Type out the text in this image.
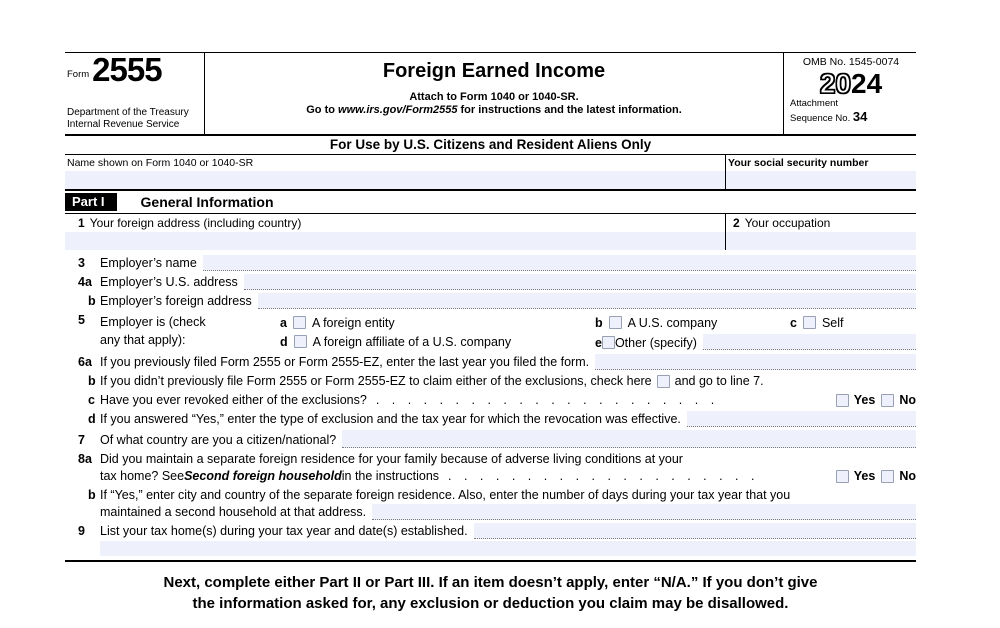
Form 2555
Department of the Treasury
Internal Revenue Service
Foreign Earned Income
Attach to Form 1040 or 1040-SR.
Go to www.irs.gov/Form2555 for instructions and the latest information.
OMB No. 1545-0074
2024
Attachment
Sequence No. 34
For Use by U.S. Citizens and Resident Aliens Only
Name shown on Form 1040 or 1040-SR	Your social security number
Part I	General Information
1 Your foreign address (including country)	2 Your occupation
3	Employer’s name
4a Employer’s U.S. address
b Employer’s foreign address
5	Employer is (check
any that apply):
a A foreign entity	b A U.S. company	c Self
d A foreign affiliate of a U.S. company	e Other (specify)
6a If you previously filed Form 2555 or Form 2555-EZ, enter the last year you filed the form.
b If you didn’t previously file Form 2555 or Form 2555-EZ to claim either of the exclusions, check here and go to line 7.
c Have you ever revoked either of the exclusions? . . . . . . . . . . . . . . . . . . . . . .	Yes No
d If you answered “Yes,” enter the type of exclusion and the tax year for which the revocation was effective.
7	Of what country are you a citizen/national?
8a Did you maintain a separate foreign residence for your family because of adverse living conditions at your
tax home? See Second foreign household in the instructions . . . . . . . . . . . . . . . . . . . .	Yes No
b If “Yes,” enter city and country of the separate foreign residence. Also, enter the number of days during your tax year that you
maintained a second household at that address.
9	List your tax home(s) during your tax year and date(s) established.
Next, complete either Part II or Part III. If an item doesn’t apply, enter “N/A.” If you don’t give
the information asked for, any exclusion or deduction you claim may be disallowed.
